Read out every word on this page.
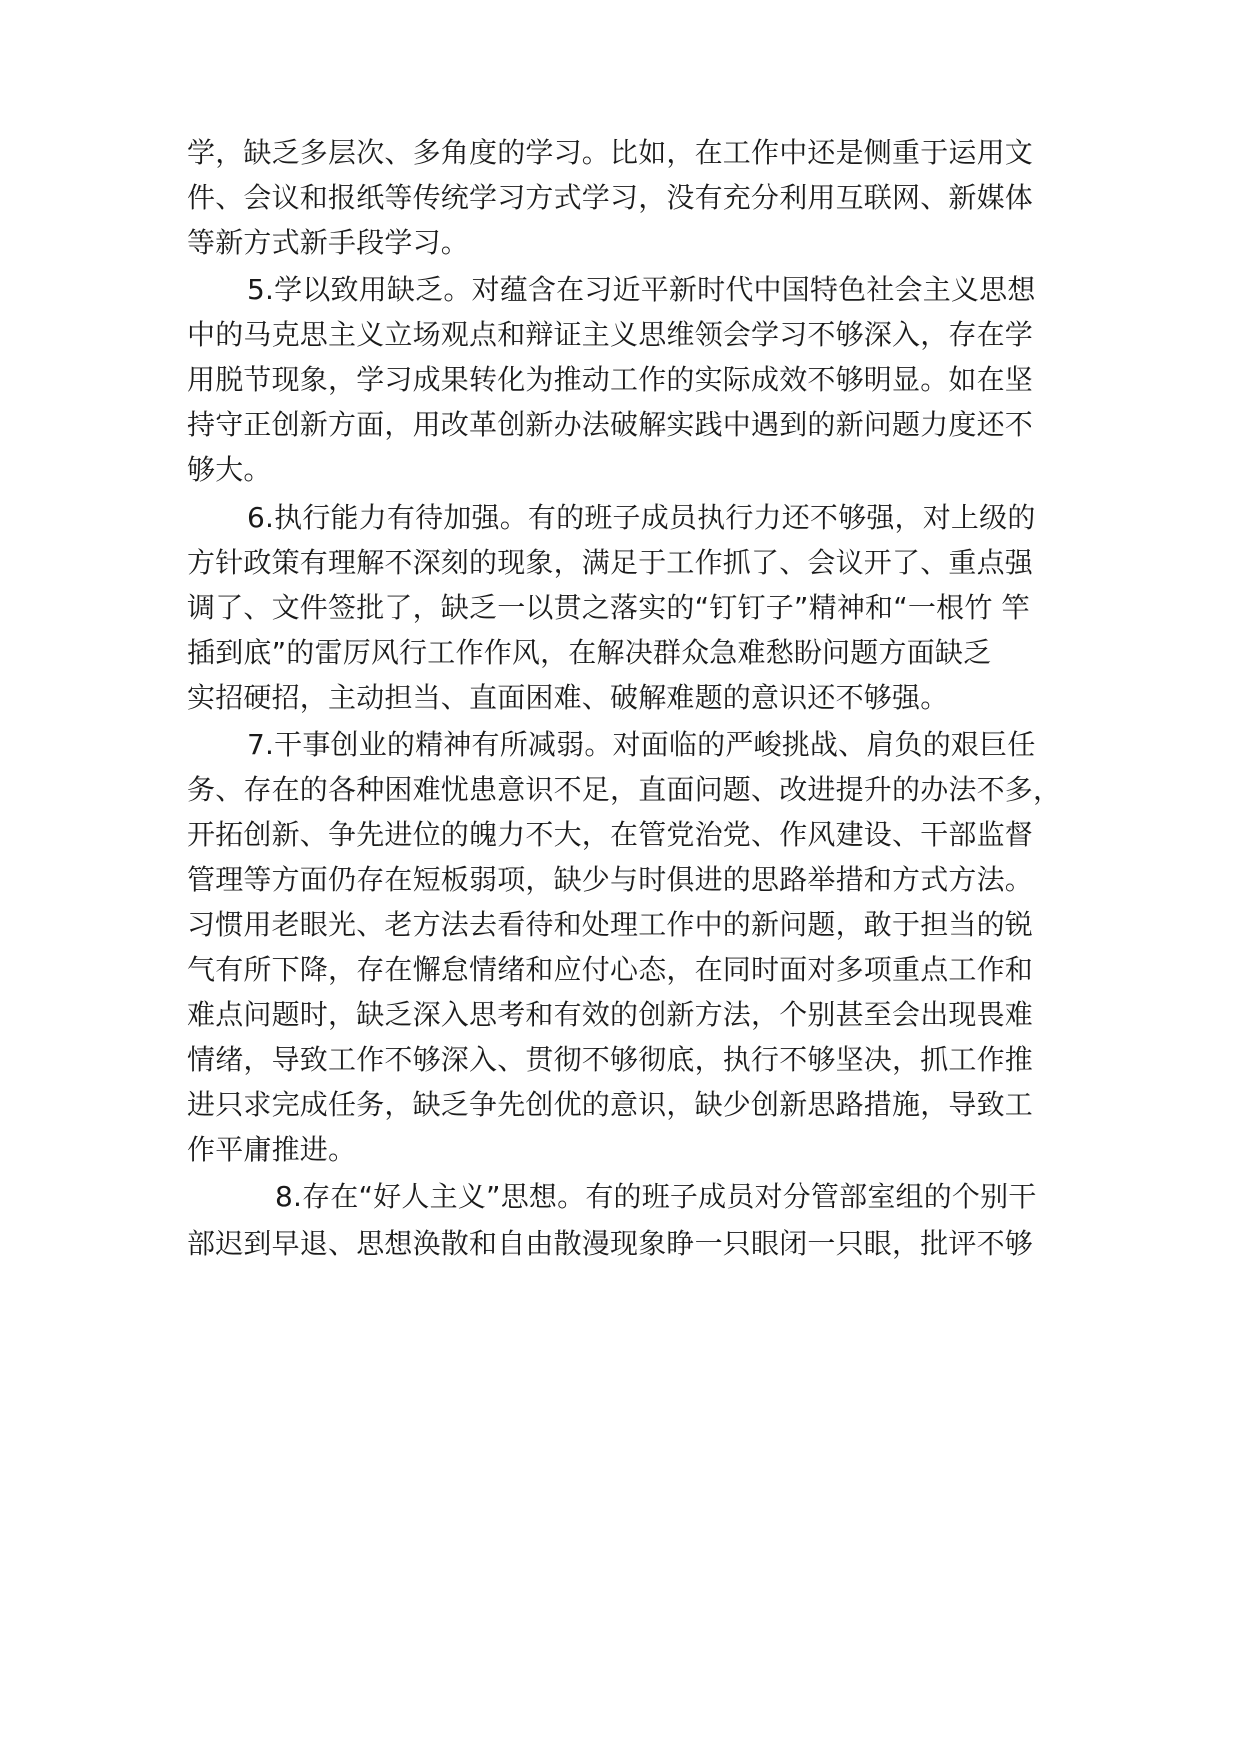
学，缺乏多层次、多角度的学习。比如，在工作中还是侧重于运用文
件、会议和报纸等传统学习方式学习，没有充分利用互联网、新媒体
等新方式新手段学习。
5.学以致用缺乏。对蕴含在习近平新时代中国特色社会主义思想
中的马克思主义立场观点和辩证主义思维领会学习不够深入，存在学
用脱节现象，学习成果转化为推动工作的实际成效不够明显。如在坚
持守正创新方面，用改革创新办法破解实践中遇到的新问题力度还不
够大。
6.执行能力有待加强。有的班子成员执行力还不够强，对上级的
方针政策有理解不深刻的现象，满足于工作抓了、会议开了、重点强
调了、文件签批了，缺乏一以贯之落实的“钉钉子”精神和“一根竹 竿
插到底”的雷厉风行工作作风，在解决群众急难愁盼问题方面缺乏
实招硬招，主动担当、直面困难、破解难题的意识还不够强。
7.干事创业的精神有所减弱。对面临的严峻挑战、肩负的艰巨任
务、存在的各种困难忧患意识不足，直面问题、改进提升的办法不多，
开拓创新、争先进位的魄力不大，在管党治党、作风建设、干部监督
管理等方面仍存在短板弱项，缺少与时俱进的思路举措和方式方法。
习惯用老眼光、老方法去看待和处理工作中的新问题，敢于担当的锐
气有所下降，存在懈怠情绪和应付心态，在同时面对多项重点工作和
难点问题时，缺乏深入思考和有效的创新方法，个别甚至会出现畏难
情绪，导致工作不够深入、贯彻不够彻底，执行不够坚决，抓工作推
进只求完成任务，缺乏争先创优的意识，缺少创新思路措施，导致工
作平庸推进。
8.存在“好人主义”思想。有的班子成员对分管部室组的个别干
部迟到早退、思想涣散和自由散漫现象睁一只眼闭一只眼，批评不够
